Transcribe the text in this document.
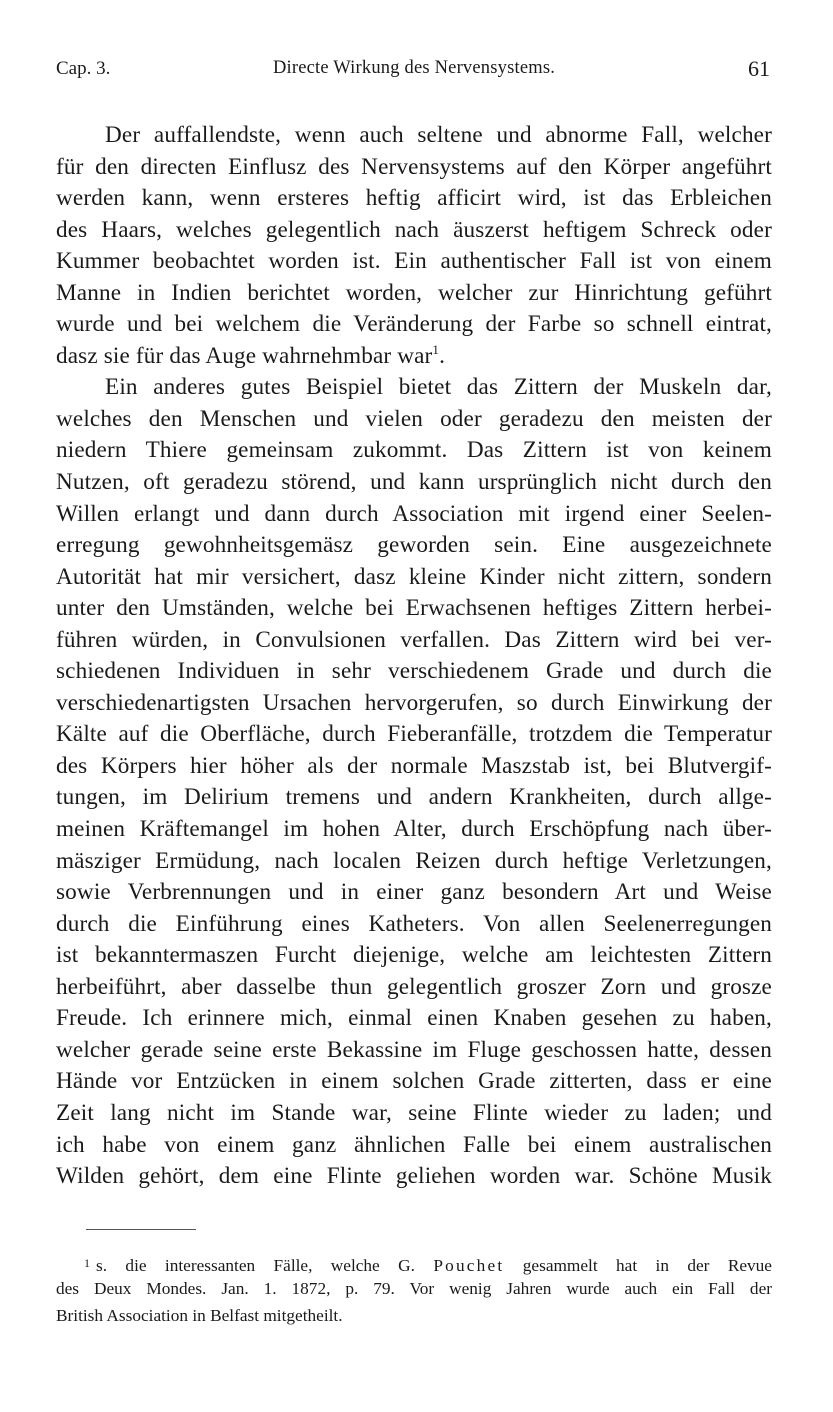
Cap. 3.	Directe Wirkung des Nervensystems.	61
Der auffallendste, wenn auch seltene und abnorme Fall, welcher
für den directen Einflusz des Nervensystems auf den Körper angeführt
werden kann, wenn ersteres heftig afficirt wird, ist das Erbleichen
des Haars, welches gelegentlich nach äuszerst heftigem Schreck oder
Kummer beobachtet worden ist. Ein authentischer Fall ist von einem
Manne in Indien berichtet worden, welcher zur Hinrichtung geführt
wurde und bei welchem die Veränderung der Farbe so schnell eintrat,
dasz sie für das Auge wahrnehmbar war$^1$.
Ein anderes gutes Beispiel bietet das Zittern der Muskeln dar,
welches den Menschen und vielen oder geradezu den meisten der
niedern Thiere gemeinsam zukommt. Das Zittern ist von keinem
Nutzen, oft geradezu störend, und kann ursprünglich nicht durch den
Willen erlangt und dann durch Association mit irgend einer Seelen-
erregung gewohnheitsgemäsz geworden sein. Eine ausgezeichnete
Autorität hat mir versichert, dasz kleine Kinder nicht zittern, sondern
unter den Umständen, welche bei Erwachsenen heftiges Zittern herbei-
führen würden, in Convulsionen verfallen. Das Zittern wird bei ver-
schiedenen Individuen in sehr verschiedenem Grade und durch die
verschiedenartigsten Ursachen hervorgerufen, so durch Einwirkung der
Kälte auf die Oberfläche, durch Fieberanfälle, trotzdem die Temperatur
des Körpers hier höher als der normale Maszstab ist, bei Blutvergif-
tungen, im Delirium tremens und andern Krankheiten, durch allge-
meinen Kräftemangel im hohen Alter, durch Erschöpfung nach über-
mäsziger Ermüdung, nach localen Reizen durch heftige Verletzungen,
sowie Verbrennungen und in einer ganz besondern Art und Weise
durch die Einführung eines Katheters. Von allen Seelenerregungen
ist bekanntermaszen Furcht diejenige, welche am leichtesten Zittern
herbeiführt, aber dasselbe thun gelegentlich groszer Zorn und grosze
Freude. Ich erinnere mich, einmal einen Knaben gesehen zu haben,
welcher gerade seine erste Bekassine im Fluge geschossen hatte, dessen
Hände vor Entzücken in einem solchen Grade zitterten, dass er eine
Zeit lang nicht im Stande war, seine Flinte wieder zu laden; und
ich habe von einem ganz ähnlichen Falle bei einem australischen
Wilden gehört, dem eine Flinte geliehen worden war. Schöne Musik
$^1$ s. die interessanten Fälle, welche G. Pouchet gesammelt hat in der Revue
des Deux Mondes. Jan. 1. 1872, p. 79. Vor wenig Jahren wurde auch ein Fall der
British Association in Belfast mitgetheilt.
